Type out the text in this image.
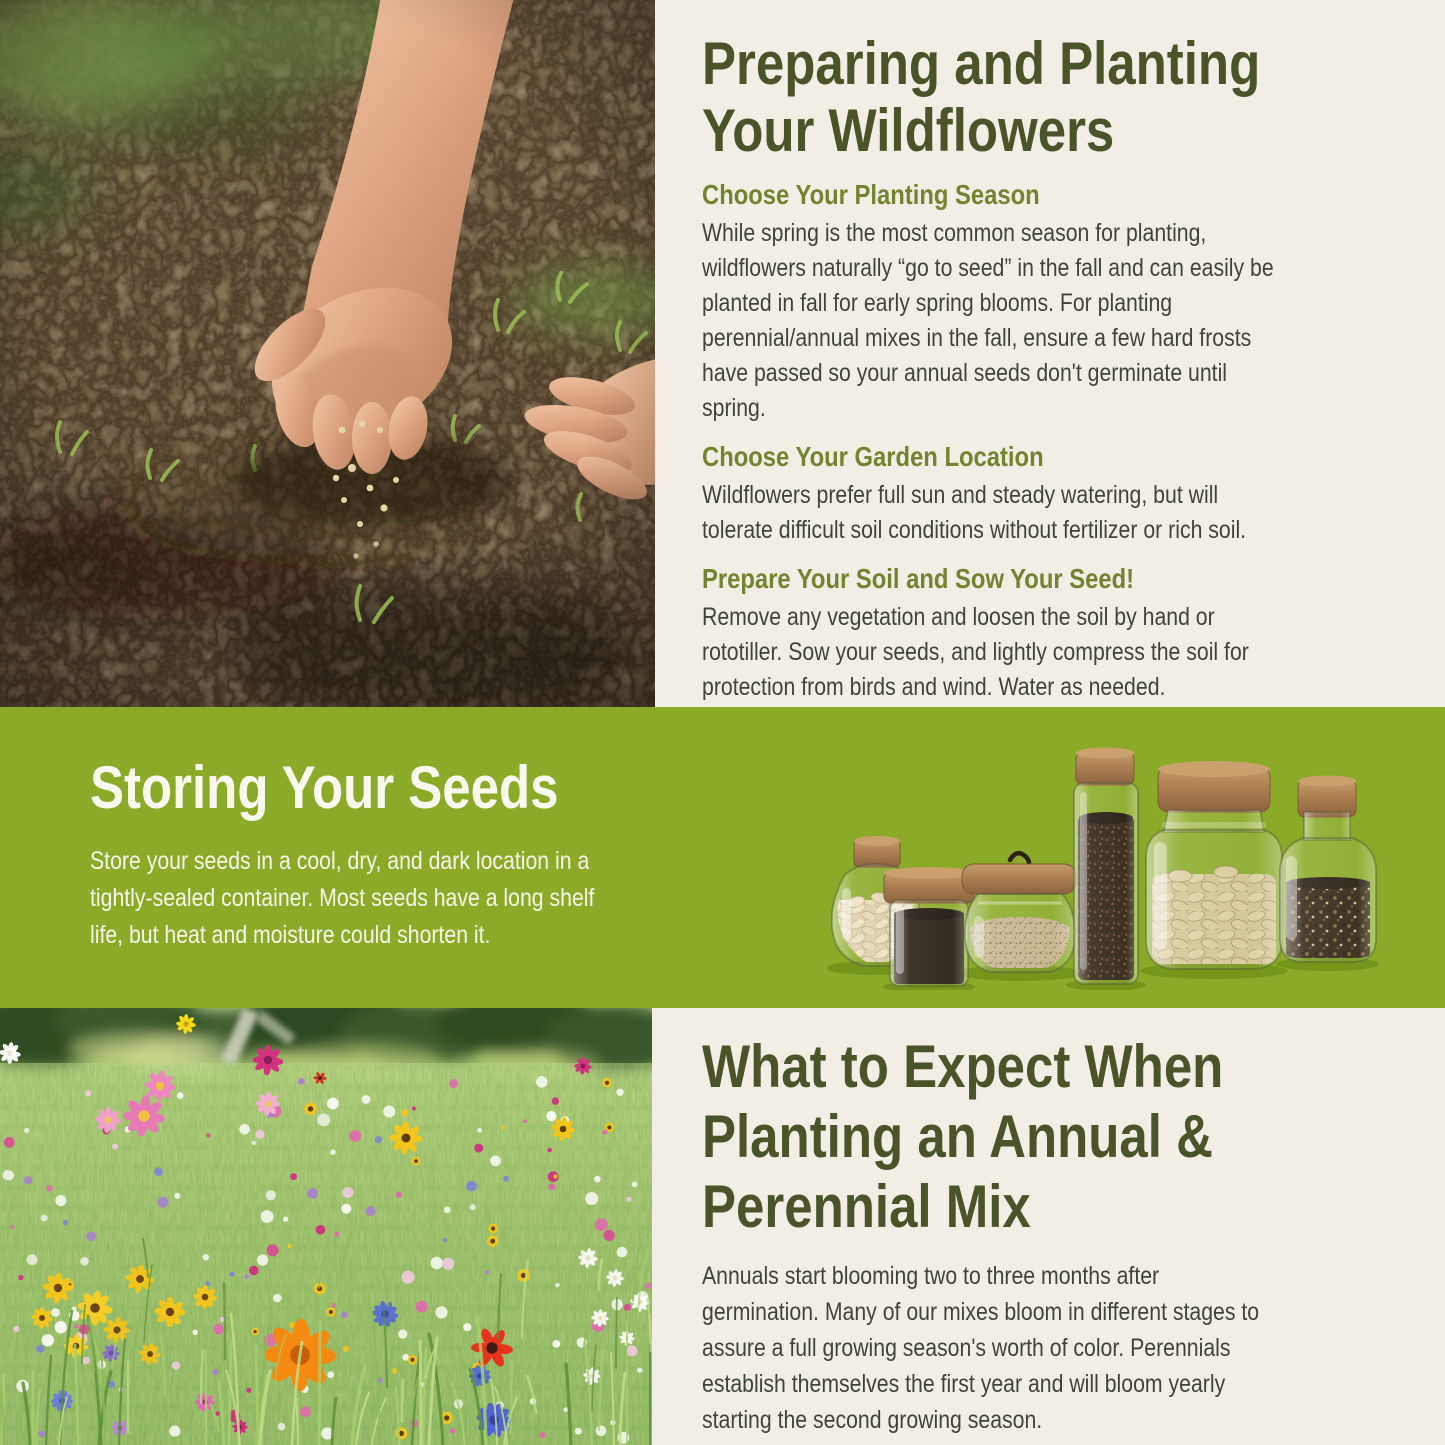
Preparing and Planting
Your Wildflowers
Choose Your Planting Season
While spring is the most common season for planting,
wildflowers naturally “go to seed” in the fall and can easily be
planted in fall for early spring blooms. For planting
perennial/annual mixes in the fall, ensure a few hard frosts
have passed so your annual seeds don't germinate until
spring.
Choose Your Garden Location
Wildflowers prefer full sun and steady watering, but will
tolerate difficult soil conditions without fertilizer or rich soil.
Prepare Your Soil and Sow Your Seed!
Remove any vegetation and loosen the soil by hand or
rototiller. Sow your seeds, and lightly compress the soil for
protection from birds and wind. Water as needed.
Storing Your Seeds
Store your seeds in a cool, dry, and dark location in a
tightly-sealed container. Most seeds have a long shelf
life, but heat and moisture could shorten it.
What to Expect When
Planting an Annual &
Perennial Mix
Annuals start blooming two to three months after
germination. Many of our mixes bloom in different stages to
assure a full growing season's worth of color. Perennials
establish themselves the first year and will bloom yearly
starting the second growing season.
